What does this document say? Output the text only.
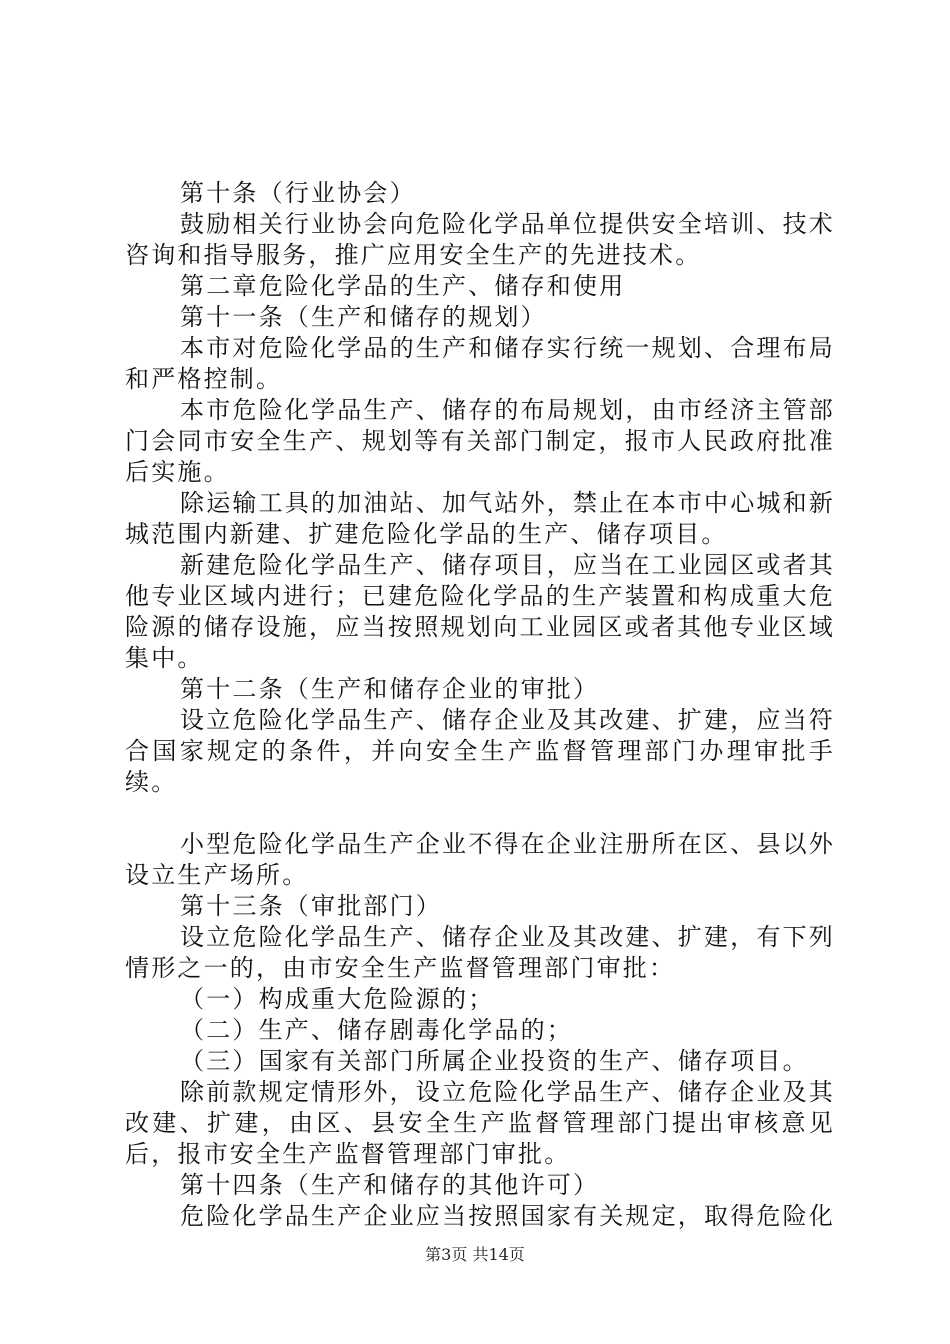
第十条（行业协会）

鼓励相关行业协会向危险化学品单位提供安全培训、技术咨询和指导服务，推广应用安全生产的先进技术。

第二章危险化学品的生产、储存和使用

第十一条（生产和储存的规划）

本市对危险化学品的生产和储存实行统一规划、合理布局和严格控制。

本市危险化学品生产、储存的布局规划，由市经济主管部门会同市安全生产、规划等有关部门制定，报市人民政府批准后实施。

除运输工具的加油站、加气站外，禁止在本市中心城和新城范围内新建、扩建危险化学品的生产、储存项目。

新建危险化学品生产、储存项目，应当在工业园区或者其他专业区域内进行；已建危险化学品的生产装置和构成重大危险源的储存设施，应当按照规划向工业园区或者其他专业区域集中。

第十二条（生产和储存企业的审批）

设立危险化学品生产、储存企业及其改建、扩建，应当符合国家规定的条件，并向安全生产监督管理部门办理审批手续。

小型危险化学品生产企业不得在企业注册所在区、县以外设立生产场所。

第十三条（审批部门）

设立危险化学品生产、储存企业及其改建、扩建，有下列情形之一的，由市安全生产监督管理部门审批：

（一）构成重大危险源的；

（二）生产、储存剧毒化学品的；

（三）国家有关部门所属企业投资的生产、储存项目。

除前款规定情形外，设立危险化学品生产、储存企业及其改建、扩建，由区、县安全生产监督管理部门提出审核意见后，报市安全生产监督管理部门审批。

第十四条（生产和储存的其他许可）

危险化学品生产企业应当按照国家有关规定，取得危险化

第3页 共14页
